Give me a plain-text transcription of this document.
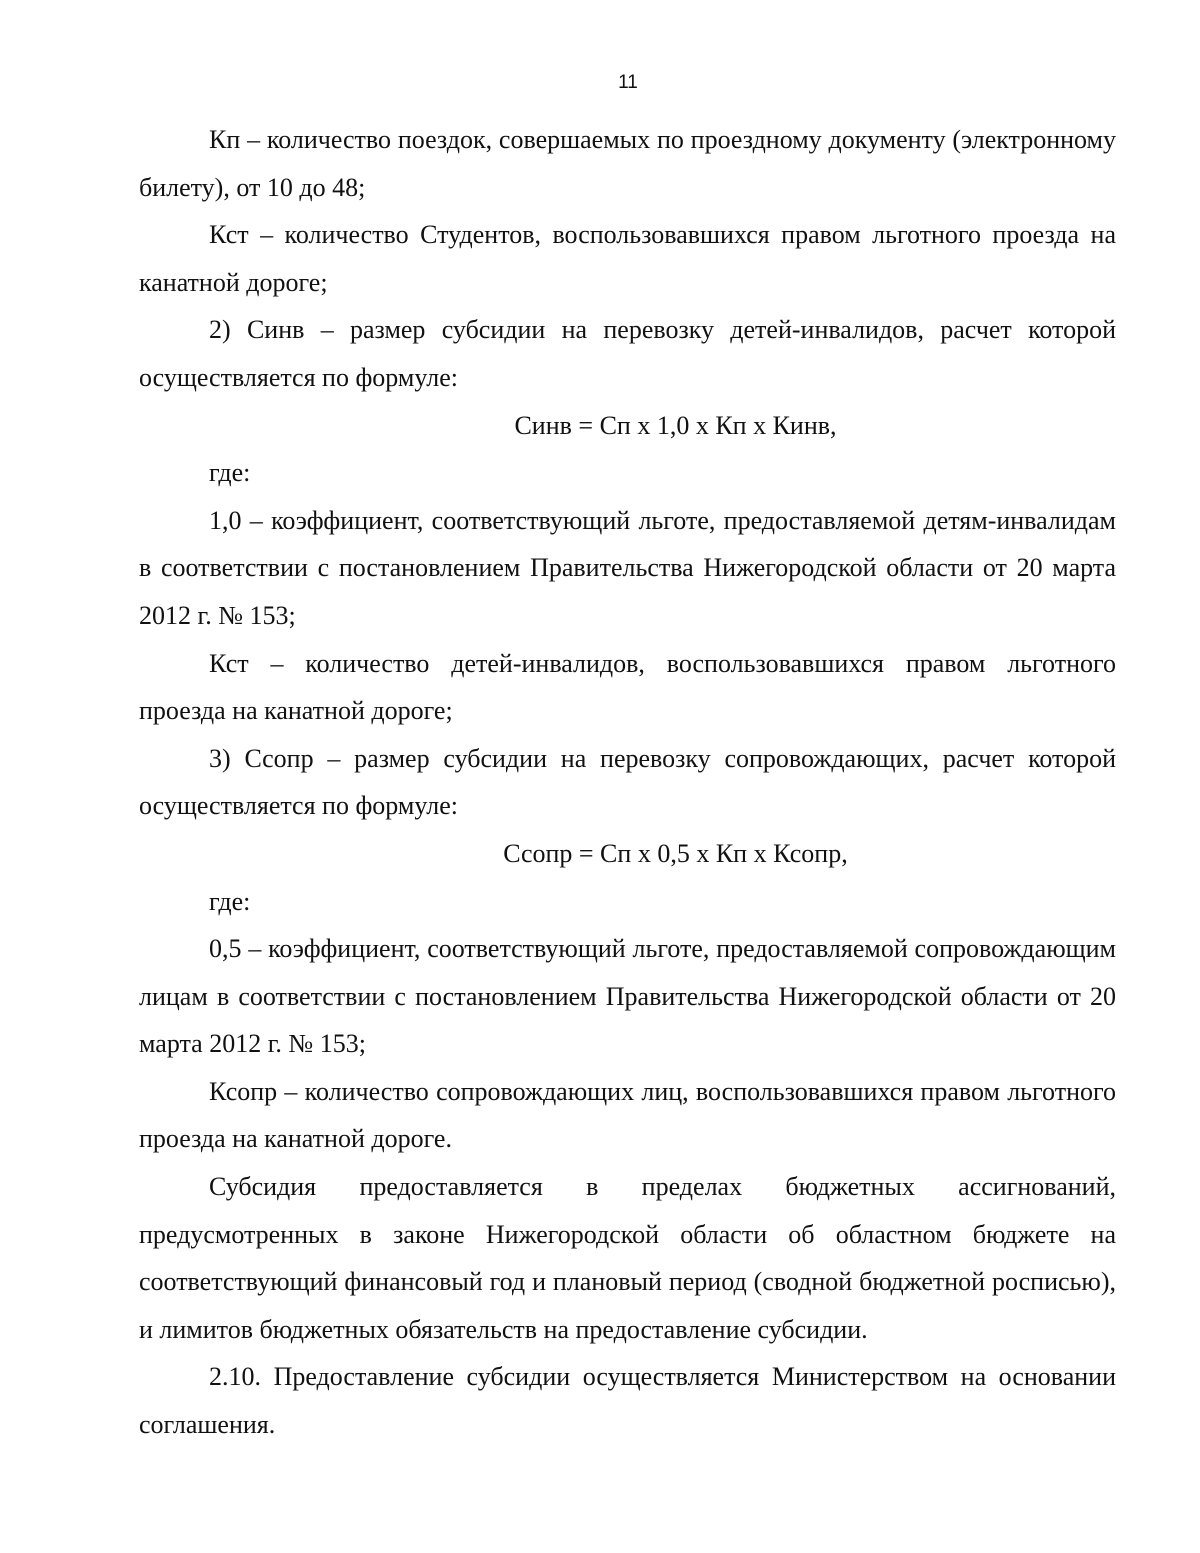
11

Кп – количество поездок, совершаемых по проездному документу (электронному билету), от 10 до 48;

Кст – количество Студентов, воспользовавшихся правом льготного проезда на канатной дороге;

2) Синв – размер субсидии на перевозку детей-инвалидов, расчет которой осуществляется по формуле:

Синв = Сп х 1,0 х Кп х Кинв,

где:

1,0 – коэффициент, соответствующий льготе, предоставляемой детям-инвалидам в соответствии с постановлением Правительства Нижегородской области от 20 марта 2012 г. № 153;

Кст – количество детей-инвалидов, воспользовавшихся правом льготного проезда на канатной дороге;

3) Ссопр – размер субсидии на перевозку сопровождающих, расчет которой осуществляется по формуле:

Ссопр = Сп х 0,5 х Кп х Ксопр,

где:

0,5 – коэффициент, соответствующий льготе, предоставляемой сопровождающим лицам в соответствии с постановлением Правительства Нижегородской области от 20 марта 2012 г. № 153;

Ксопр – количество сопровождающих лиц, воспользовавшихся правом льготного проезда на канатной дороге.

Субсидия предоставляется в пределах бюджетных ассигнований, предусмотренных в законе Нижегородской области об областном бюджете на соответствующий финансовый год и плановый период (сводной бюджетной росписью), и лимитов бюджетных обязательств на предоставление субсидии.

2.10. Предоставление субсидии осуществляется Министерством на основании соглашения.
